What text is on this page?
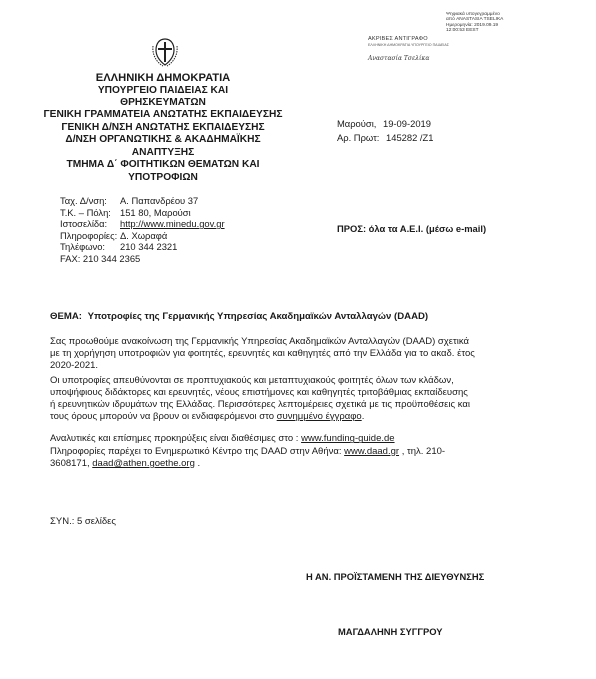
Ψηφιακά υπογεγραμμένο
από ANASTASIA TSELIKA
Ημερομηνία: 2019.09.19
12:00:53 EEST
ΑΚΡΙΒΕΣ ΑΝΤΙΓΡΑΦΟ
ΕΛΛΗΝΙΚΗ ΔΗΜΟΚΡΑΤΙΑ ΥΠΟΥΡΓΕΙΟ ΠΑΙΔΕΙΑΣ
Αναστασία Τσελίκα
ΕΛΛΗΝΙΚΗ ΔΗΜΟΚΡΑΤΙΑ
ΥΠΟΥΡΓΕΙΟ ΠΑΙΔΕΙΑΣ ΚΑΙ ΘΡΗΣΚΕΥΜΑΤΩΝ
ΓΕΝΙΚΗ ΓΡΑΜΜΑΤΕΙΑ ΑΝΩΤΑΤΗΣ ΕΚΠΑΙΔΕΥΣΗΣ
ΓΕΝΙΚΗ Δ/ΝΣΗ ΑΝΩΤΑΤΗΣ ΕΚΠΑΙΔΕΥΣΗΣ
Δ/ΝΣΗ ΟΡΓΑΝΩΤΙΚΗΣ & ΑΚΑΔΗΜΑΪΚΗΣ
ΑΝΑΠΤΥΞΗΣ
ΤΜΗΜΑ Δ΄ ΦΟΙΤΗΤΙΚΩΝ ΘΕΜΑΤΩΝ ΚΑΙ
ΥΠΟΤΡΟΦΙΩΝ
Μαρούσι, 19-09-2019
Αρ. Πρωτ: 145282 /Ζ1
Ταχ. Δ/νση: Α. Παπανδρέου 37
Τ.Κ. – Πόλη: 151 80, Μαρούσι
Ιστοσελίδα: http://www.minedu.gov.gr
Πληροφορίες: Δ. Χωραφά
Τηλέφωνο: 210 344 2321
FAX: 210 344 2365
ΠΡΟΣ: όλα τα Α.Ε.Ι. (μέσω e-mail)
ΘΕΜΑ: Υποτροφίες της Γερμανικής Υπηρεσίας Ακαδημαϊκών Ανταλλαγών (DAAD)
Σας προωθούμε ανακοίνωση της Γερμανικής Υπηρεσίας Ακαδημαϊκών Ανταλλαγών (DAAD) σχετικά
με τη χορήγηση υποτροφιών για φοιτητές, ερευνητές και καθηγητές από την Ελλάδα για το ακαδ. έτος
2020-2021.
Οι υποτροφίες απευθύνονται σε προπτυχιακούς και μεταπτυχιακούς φοιτητές όλων των κλάδων,
υποψήφιους διδάκτορες και ερευνητές, νέους επιστήμονες και καθηγητές τριτοβάθμιας εκπαίδευσης
ή ερευνητικών ιδρυμάτων της Ελλάδας. Περισσότερες λεπτομέρειες σχετικά με τις προϋποθέσεις και
τους όρους μπορούν να βρουν οι ενδιαφερόμενοι στο συνημμένο έγγραφο.
Αναλυτικές και επίσημες προκηρύξεις είναι διαθέσιμες στο : www.funding-guide.de
Πληροφορίες παρέχει το Ενημερωτικό Κέντρο της DAAD στην Αθήνα: www.daad.gr , τηλ. 210-
3608171, daad@athen.goethe.org .
ΣΥΝ.: 5 σελίδες
Η ΑΝ. ΠΡΟΪΣΤΑΜΕΝΗ ΤΗΣ ΔΙΕΥΘΥΝΣΗΣ
ΜΑΓΔΑΛΗΝΗ ΣΥΓΓΡΟΥ
